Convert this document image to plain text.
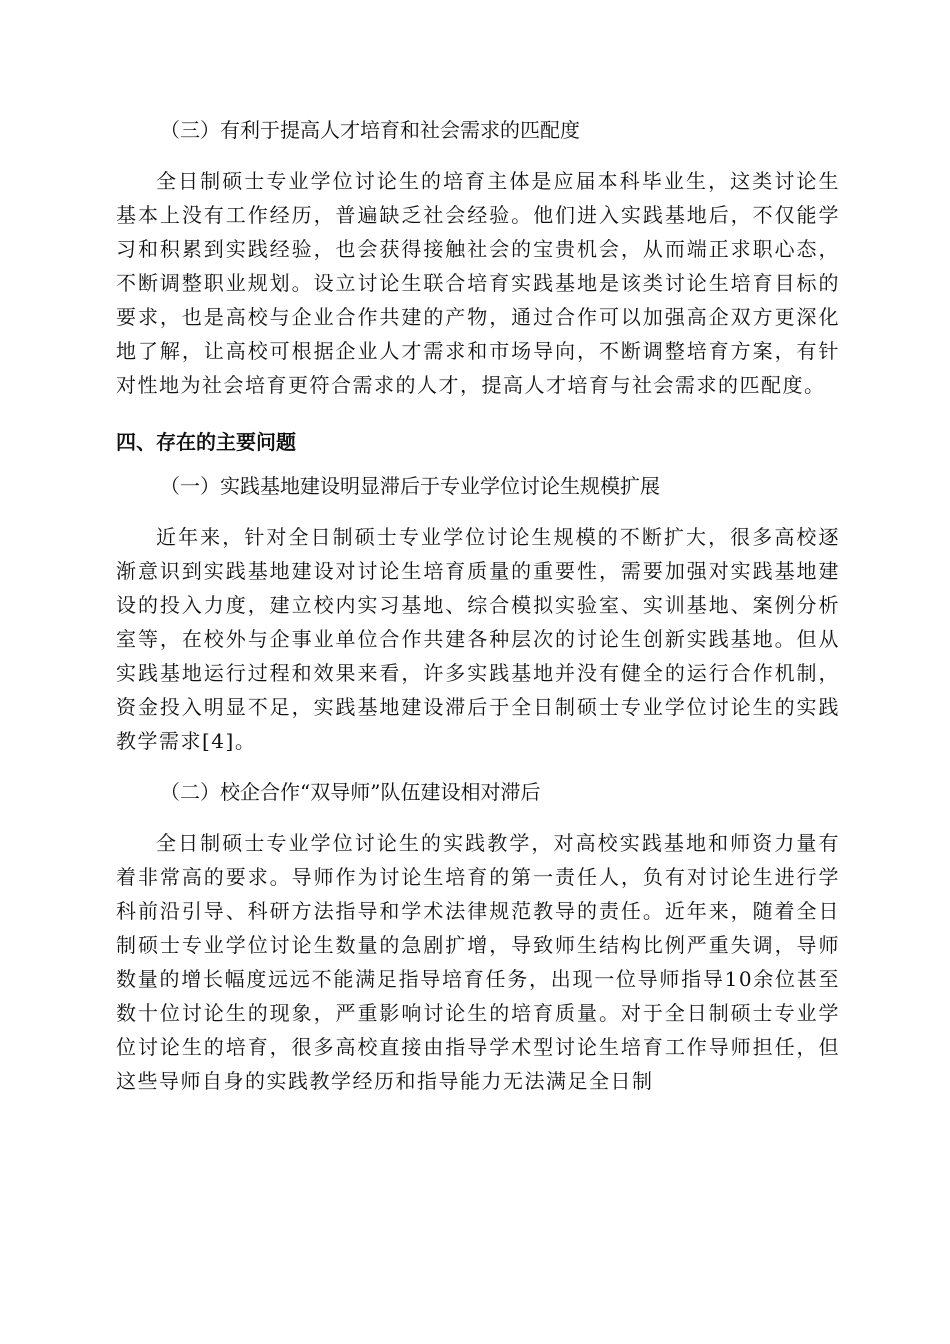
（三）有利于提高人才培育和社会需求的匹配度

全日制硕士专业学位讨论生的培育主体是应届本科毕业生，这类讨论生基本上没有工作经历，普遍缺乏社会经验。他们进入实践基地后，不仅能学习和积累到实践经验，也会获得接触社会的宝贵机会，从而端正求职心态，不断调整职业规划。设立讨论生联合培育实践基地是该类讨论生培育目标的要求，也是高校与企业合作共建的产物，通过合作可以加强高企双方更深化地了解，让高校可根据企业人才需求和市场导向，不断调整培育方案，有针对性地为社会培育更符合需求的人才，提高人才培育与社会需求的匹配度。

四、存在的主要问题

（一）实践基地建设明显滞后于专业学位讨论生规模扩展

近年来，针对全日制硕士专业学位讨论生规模的不断扩大，很多高校逐渐意识到实践基地建设对讨论生培育质量的重要性，需要加强对实践基地建设的投入力度，建立校内实习基地、综合模拟实验室、实训基地、案例分析室等，在校外与企事业单位合作共建各种层次的讨论生创新实践基地。但从实践基地运行过程和效果来看，许多实践基地并没有健全的运行合作机制，资金投入明显不足，实践基地建设滞后于全日制硕士专业学位讨论生的实践教学需求[4]。

（二）校企合作“双导师”队伍建设相对滞后

全日制硕士专业学位讨论生的实践教学，对高校实践基地和师资力量有着非常高的要求。导师作为讨论生培育的第一责任人，负有对讨论生进行学科前沿引导、科研方法指导和学术法律规范教导的责任。近年来，随着全日制硕士专业学位讨论生数量的急剧扩增，导致师生结构比例严重失调，导师数量的增长幅度远远不能满足指导培育任务，出现一位导师指导10余位甚至数十位讨论生的现象，严重影响讨论生的培育质量。对于全日制硕士专业学位讨论生的培育，很多高校直接由指导学术型讨论生培育工作导师担任，但这些导师自身的实践教学经历和指导能力无法满足全日制
